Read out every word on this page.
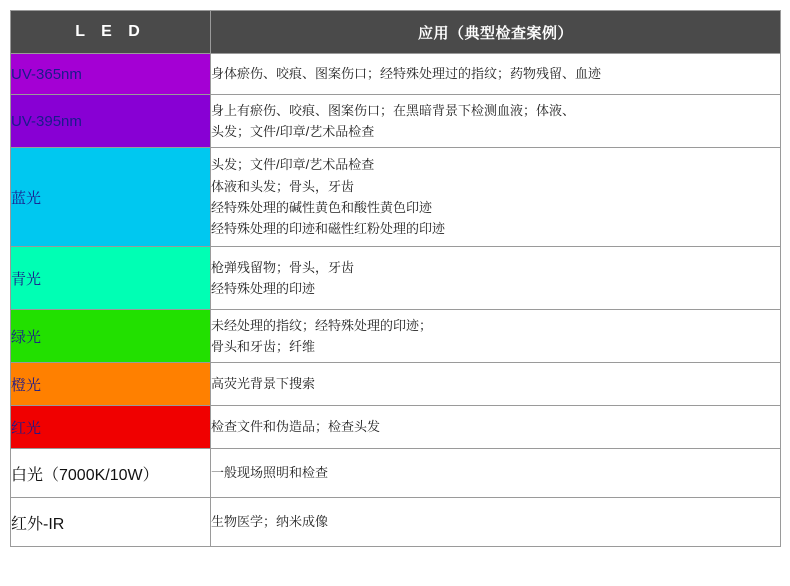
L E D	应用（典型检查案例）
UV-365nm	身体瘀伤、咬痕、图案伤口；经特殊处理过的指纹；药物残留、血迹

UV-395nm	身上有瘀伤、咬痕、图案伤口；在黑暗背景下检测血液；体液、
头发；文件/印章/艺术品检查

蓝光	头发；文件/印章/艺术品检查
体液和头发；骨头，牙齿
经特殊处理的碱性黄色和酸性黄色印迹
经特殊处理的印迹和磁性红粉处理的印迹

青光	枪弹残留物；骨头，牙齿
经特殊处理的印迹

绿光	未经处理的指纹；经特殊处理的印迹；
骨头和牙齿；纤维

橙光	高荧光背景下搜索

红光	检查文件和伪造品；检查头发

白光（7000K/10W）	一般现场照明和检查

红外-IR	生物医学；纳米成像
